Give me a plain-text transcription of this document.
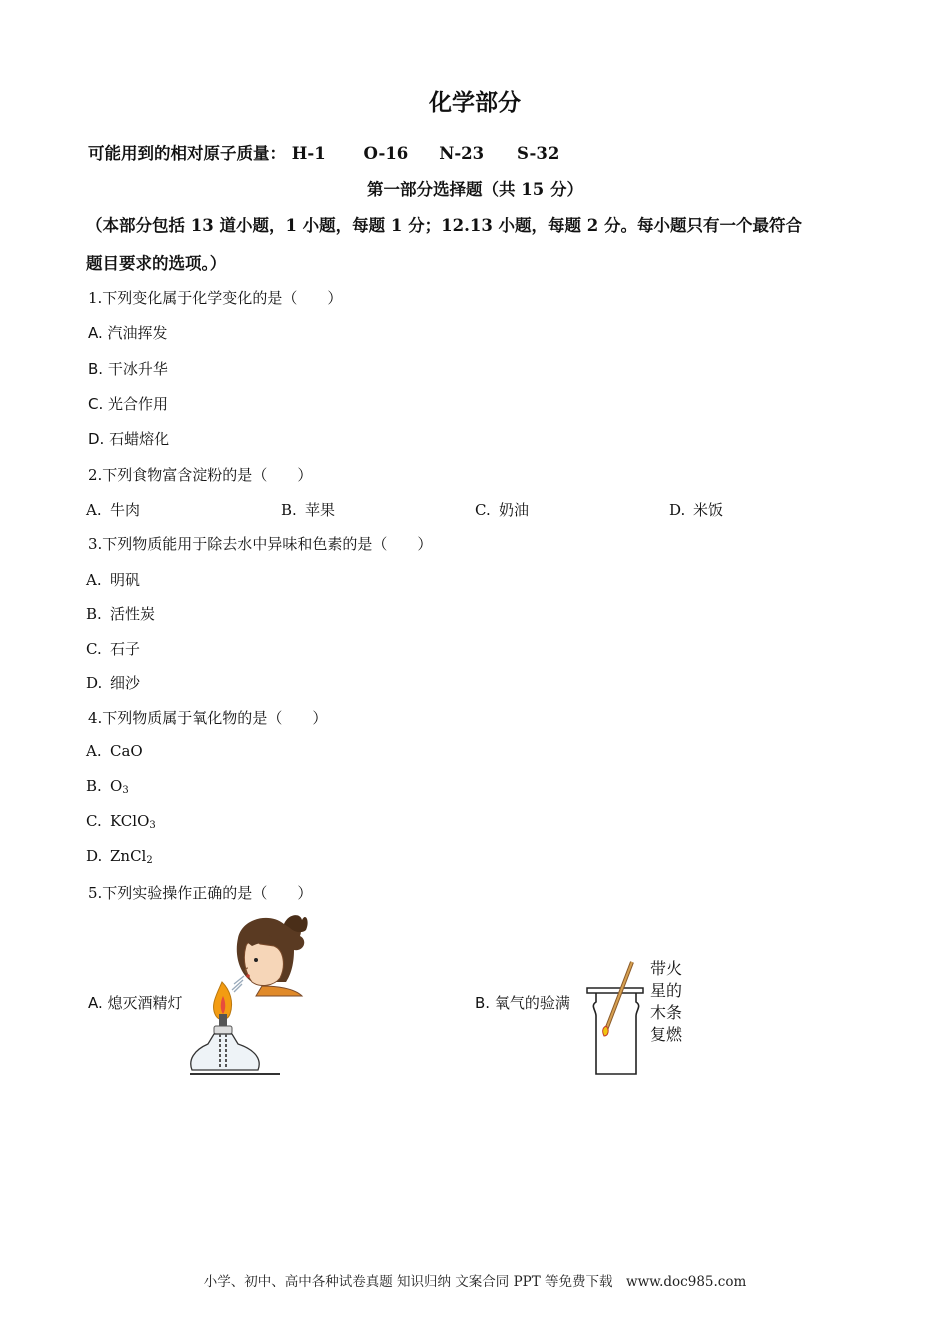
化学部分
可能用到的相对原子质量： H-1 O-16 N-23 S-32
第一部分选择题（共 15 分）
（本部分包括 13 道小题，1 小题，每题 1 分；12.13 小题，每题 2 分。每小题只有一个最符合
题目要求的选项。）
1.下列变化属于化学变化的是（　　）
A. 汽油挥发
B. 干冰升华
C. 光合作用
D. 石蜡熔化
2.下列食物富含淀粉的是（　　）
A. 牛肉	B. 苹果	C. 奶油	D. 米饭
3.下列物质能用于除去水中异味和色素的是（　　）
A. 明矾
B. 活性炭
C. 石子
D. 细沙
4.下列物质属于氧化物的是（　　）
A. CaO
B. $O_3$
C. KClO$_3$
D. ZnCl$_2$
5.下列实验操作正确的是（　　）
A. 熄灭酒精灯	B. 氧气的验满
带火
星的
木条
复燃
小学、初中、高中各种试卷真题 知识归纳 文案合同 PPT 等免费下载　www.doc985.com
